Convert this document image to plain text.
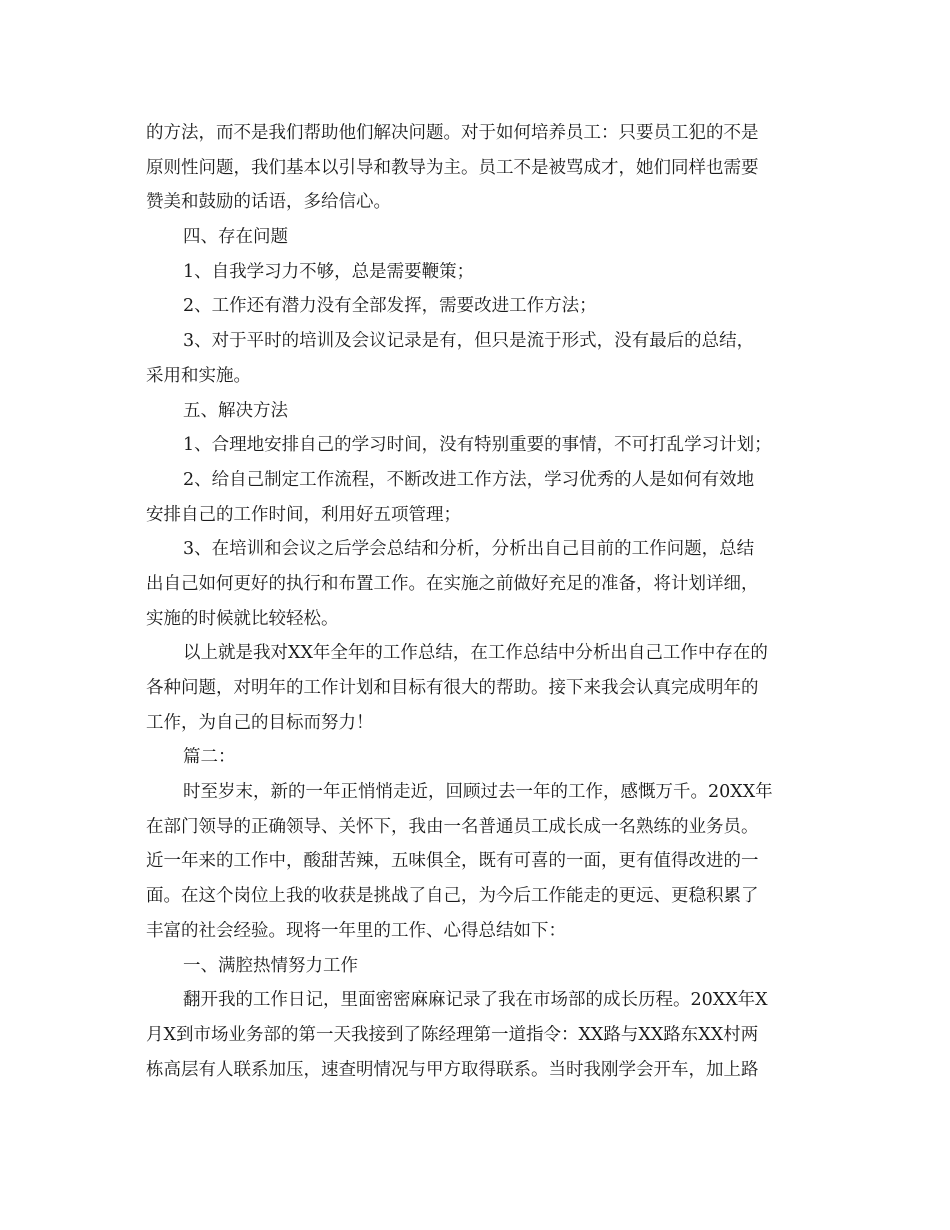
的方法，而不是我们帮助他们解决问题。对于如何培养员工：只要员工犯的不是
原则性问题，我们基本以引导和教导为主。员工不是被骂成才，她们同样也需要
赞美和鼓励的话语，多给信心。
四、存在问题
1、自我学习力不够，总是需要鞭策；
2、工作还有潜力没有全部发挥，需要改进工作方法；
3、对于平时的培训及会议记录是有，但只是流于形式，没有最后的总结，
采用和实施。
五、解决方法
1、合理地安排自己的学习时间，没有特别重要的事情，不可打乱学习计划；
2、给自己制定工作流程，不断改进工作方法，学习优秀的人是如何有效地
安排自己的工作时间，利用好五项管理；
3、在培训和会议之后学会总结和分析，分析出自己目前的工作问题，总结
出自己如何更好的执行和布置工作。在实施之前做好充足的准备，将计划详细，
实施的时候就比较轻松。
以上就是我对XX年全年的工作总结，在工作总结中分析出自己工作中存在的
各种问题，对明年的工作计划和目标有很大的帮助。接下来我会认真完成明年的
工作，为自己的目标而努力！
篇二：
时至岁末，新的一年正悄悄走近，回顾过去一年的工作，感慨万千。20XX年
在部门领导的正确领导、关怀下，我由一名普通员工成长成一名熟练的业务员。
近一年来的工作中，酸甜苦辣，五味俱全，既有可喜的一面，更有值得改进的一
面。在这个岗位上我的收获是挑战了自己，为今后工作能走的更远、更稳积累了
丰富的社会经验。现将一年里的工作、心得总结如下：
一、满腔热情努力工作
翻开我的工作日记，里面密密麻麻记录了我在市场部的成长历程。20XX年X
月X到市场业务部的第一天我接到了陈经理第一道指令：XX路与XX路东XX村两
栋高层有人联系加压，速查明情况与甲方取得联系。当时我刚学会开车，加上路
